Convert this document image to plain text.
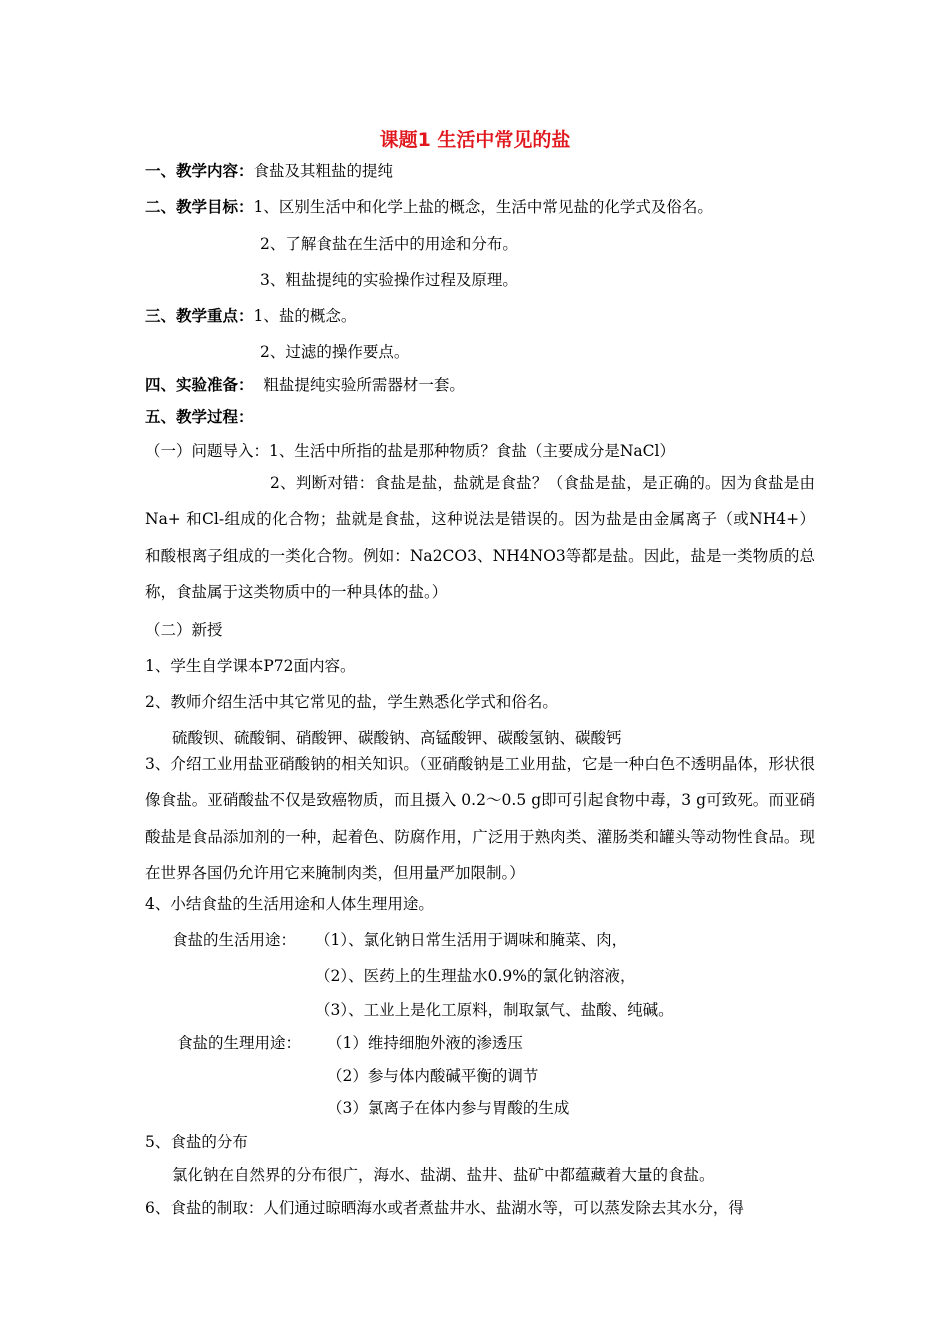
课题1 生活中常见的盐
一、教学内容：食盐及其粗盐的提纯
二、教学目标：1、区别生活中和化学上盐的概念，生活中常见盐的化学式及俗名。
2、了解食盐在生活中的用途和分布。
3、粗盐提纯的实验操作过程及原理。
三、教学重点：1、盐的概念。
2、过滤的操作要点。
四、实验准备： 粗盐提纯实验所需器材一套。
五、教学过程：
（一）问题导入：1、生活中所指的盐是那种物质？食盐（主要成分是NaCl）
2、判断对错：食盐是盐，盐就是食盐？（食盐是盐，是正确的。因为食盐是由Na+ 和Cl-组成的化合物；盐就是食盐，这种说法是错误的。因为盐是由金属离子（或NH4+）和酸根离子组成的一类化合物。例如：Na2CO3、NH4NO3等都是盐。因此，盐是一类物质的总称，食盐属于这类物质中的一种具体的盐。）
（二）新授
1、学生自学课本P72面内容。
2、教师介绍生活中其它常见的盐，学生熟悉化学式和俗名。
硫酸钡、硫酸铜、硝酸钾、碳酸钠、高锰酸钾、碳酸氢钠、碳酸钙
3、介绍工业用盐亚硝酸钠的相关知识。（亚硝酸钠是工业用盐，它是一种白色不透明晶体，形状很像食盐。亚硝酸盐不仅是致癌物质，而且摄入 0.2～0.5 g即可引起食物中毒，3 g可致死。而亚硝酸盐是食品添加剂的一种，起着色、防腐作用，广泛用于熟肉类、灌肠类和罐头等动物性食品。现在世界各国仍允许用它来腌制肉类，但用量严加限制。）
4、小结食盐的生活用途和人体生理用途。
食盐的生活用途：	（1）、氯化钠日常生活用于调味和腌菜、肉，
（2）、医药上的生理盐水0.9%的氯化钠溶液，
（3）、工业上是化工原料，制取氯气、盐酸、纯碱。
食盐的生理用途：	（1）维持细胞外液的渗透压
（2）参与体内酸碱平衡的调节
（3）氯离子在体内参与胃酸的生成
5、食盐的分布
氯化钠在自然界的分布很广，海水、盐湖、盐井、盐矿中都蕴藏着大量的食盐。
6、食盐的制取：人们通过晾晒海水或者煮盐井水、盐湖水等，可以蒸发除去其水分，得
